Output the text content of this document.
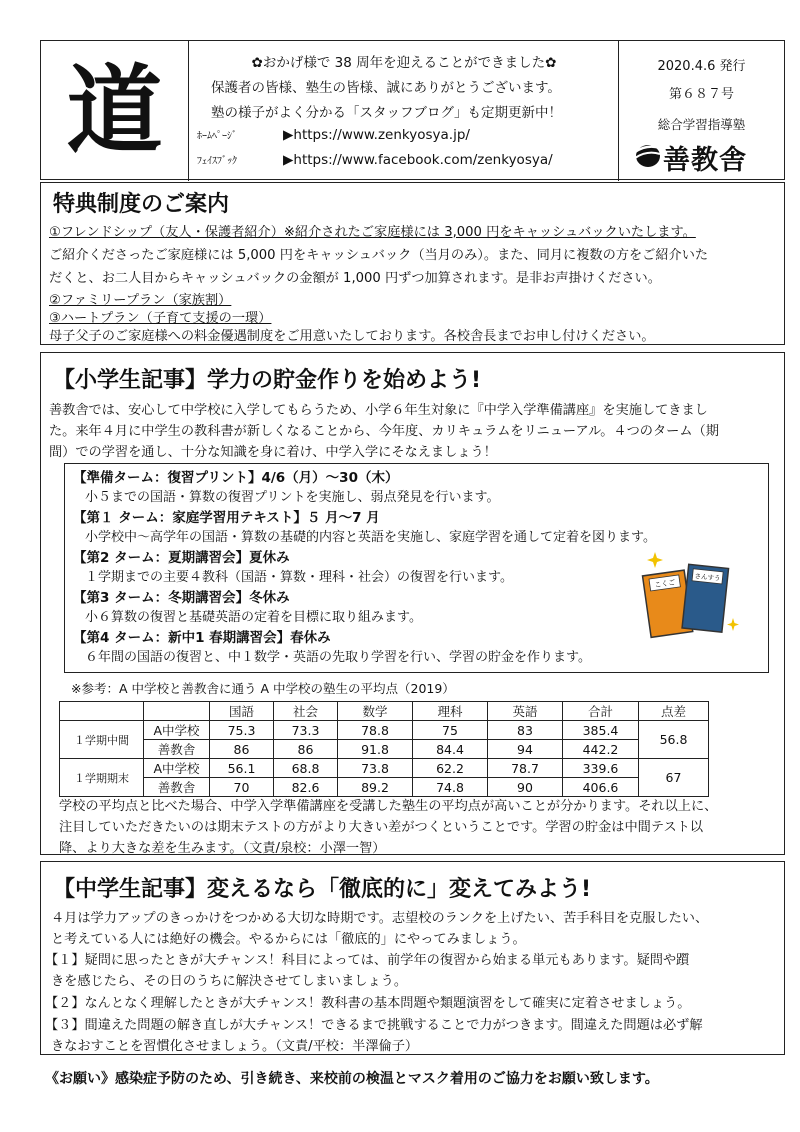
道	✿おかげ様で 38 周年を迎えることができました✿
保護者の皆様、塾生の皆様、誠にありがとうございます。
塾の様子がよく分かる「スタッフブログ」も定期更新中！
ﾎｰﾑﾍﾟｰｼﾞ	▶https://www.zenkyosya.jp/
ﾌｪｲｽﾌﾞｯｸ	▶https://www.facebook.com/zenkyosya/
2020.4.6 発行
第６８７号
総合学習指導塾
善教舎
特典制度のご案内
①フレンドシップ（友人・保護者紹介）※紹介されたご家庭様には 3,000 円をキャッシュバックいたします。
ご紹介くださったご家庭様には 5,000 円をキャッシュバック（当月のみ）。また、同月に複数の方をご紹介いた
だくと、お二人目からキャッシュバックの金額が 1,000 円ずつ加算されます。是非お声掛けください。
②ファミリープラン（家族割）
③ハートプラン（子育て支援の一環）
母子父子のご家庭様への料金優遇制度をご用意いたしております。各校舎長までお申し付けください。
【小学生記事】学力の貯金作りを始めよう!
善教舎では、安心して中学校に入学してもらうため、小学６年生対象に『中学入学準備講座』を実施してきまし
た。来年４月に中学生の教科書が新しくなることから、今年度、カリキュラムをリニューアル。４つのターム（期
間）での学習を通し、十分な知識を身に着け、中学入学にそなえましょう！
【準備ターム：復習プリント】4/6（月）～30（木）
小５までの国語・算数の復習プリントを実施し、弱点発見を行います。
【第１ ターム：家庭学習用テキスト】５ 月～7 月
小学校中～高学年の国語・算数の基礎的内容と英語を実施し、家庭学習を通して定着を図ります。
【第2 ターム：夏期講習会】夏休み
１学期までの主要４教科（国語・算数・理科・社会）の復習を行います。
【第3 ターム：冬期講習会】冬休み
小６算数の復習と基礎英語の定着を目標に取り組みます。
【第4 ターム：新中1 春期講習会】春休み
６年間の国語の復習と、中１数学・英語の先取り学習を行い、学習の貯金を作ります。
こくご
さんすう
※参考：A 中学校と善教舎に通う A 中学校の塾生の平均点（2019）
		国語	社会	数学	理科	英語	合計	点差
１学期中間	A中学校	75.3	73.3	78.8	75	83	385.4	56.8
	善教舎	86	86	91.8	84.4	94	442.2	
１学期期末	A中学校	56.1	68.8	73.8	62.2	78.7	339.6	67
	善教舎	70	82.6	89.2	74.8	90	406.6	
学校の平均点と比べた場合、中学入学準備講座を受講した塾生の平均点が高いことが分かります。それ以上に、
注目していただきたいのは期末テストの方がより大きい差がつくということです。学習の貯金は中間テスト以
降、より大きな差を生みます。（文責/泉校：小澤一智）
【中学生記事】変えるなら「徹底的に」変えてみよう!
４月は学力アップのきっかけをつかめる大切な時期です。志望校のランクを上げたい、苦手科目を克服したい、
と考えている人には絶好の機会。やるからには「徹底的」にやってみましょう。
【１】疑問に思ったときが大チャンス！科目によっては、前学年の復習から始まる単元もあります。疑問や躓
きを感じたら、その日のうちに解決させてしまいましょう。
【２】なんとなく理解したときが大チャンス！教科書の基本問題や類題演習をして確実に定着させましょう。
【３】間違えた問題の解き直しが大チャンス！できるまで挑戦することで力がつきます。間違えた問題は必ず解
きなおすことを習慣化させましょう。（文責/平校：半澤倫子）
《お願い》感染症予防のため、引き続き、来校前の検温とマスク着用のご協力をお願い致します。
